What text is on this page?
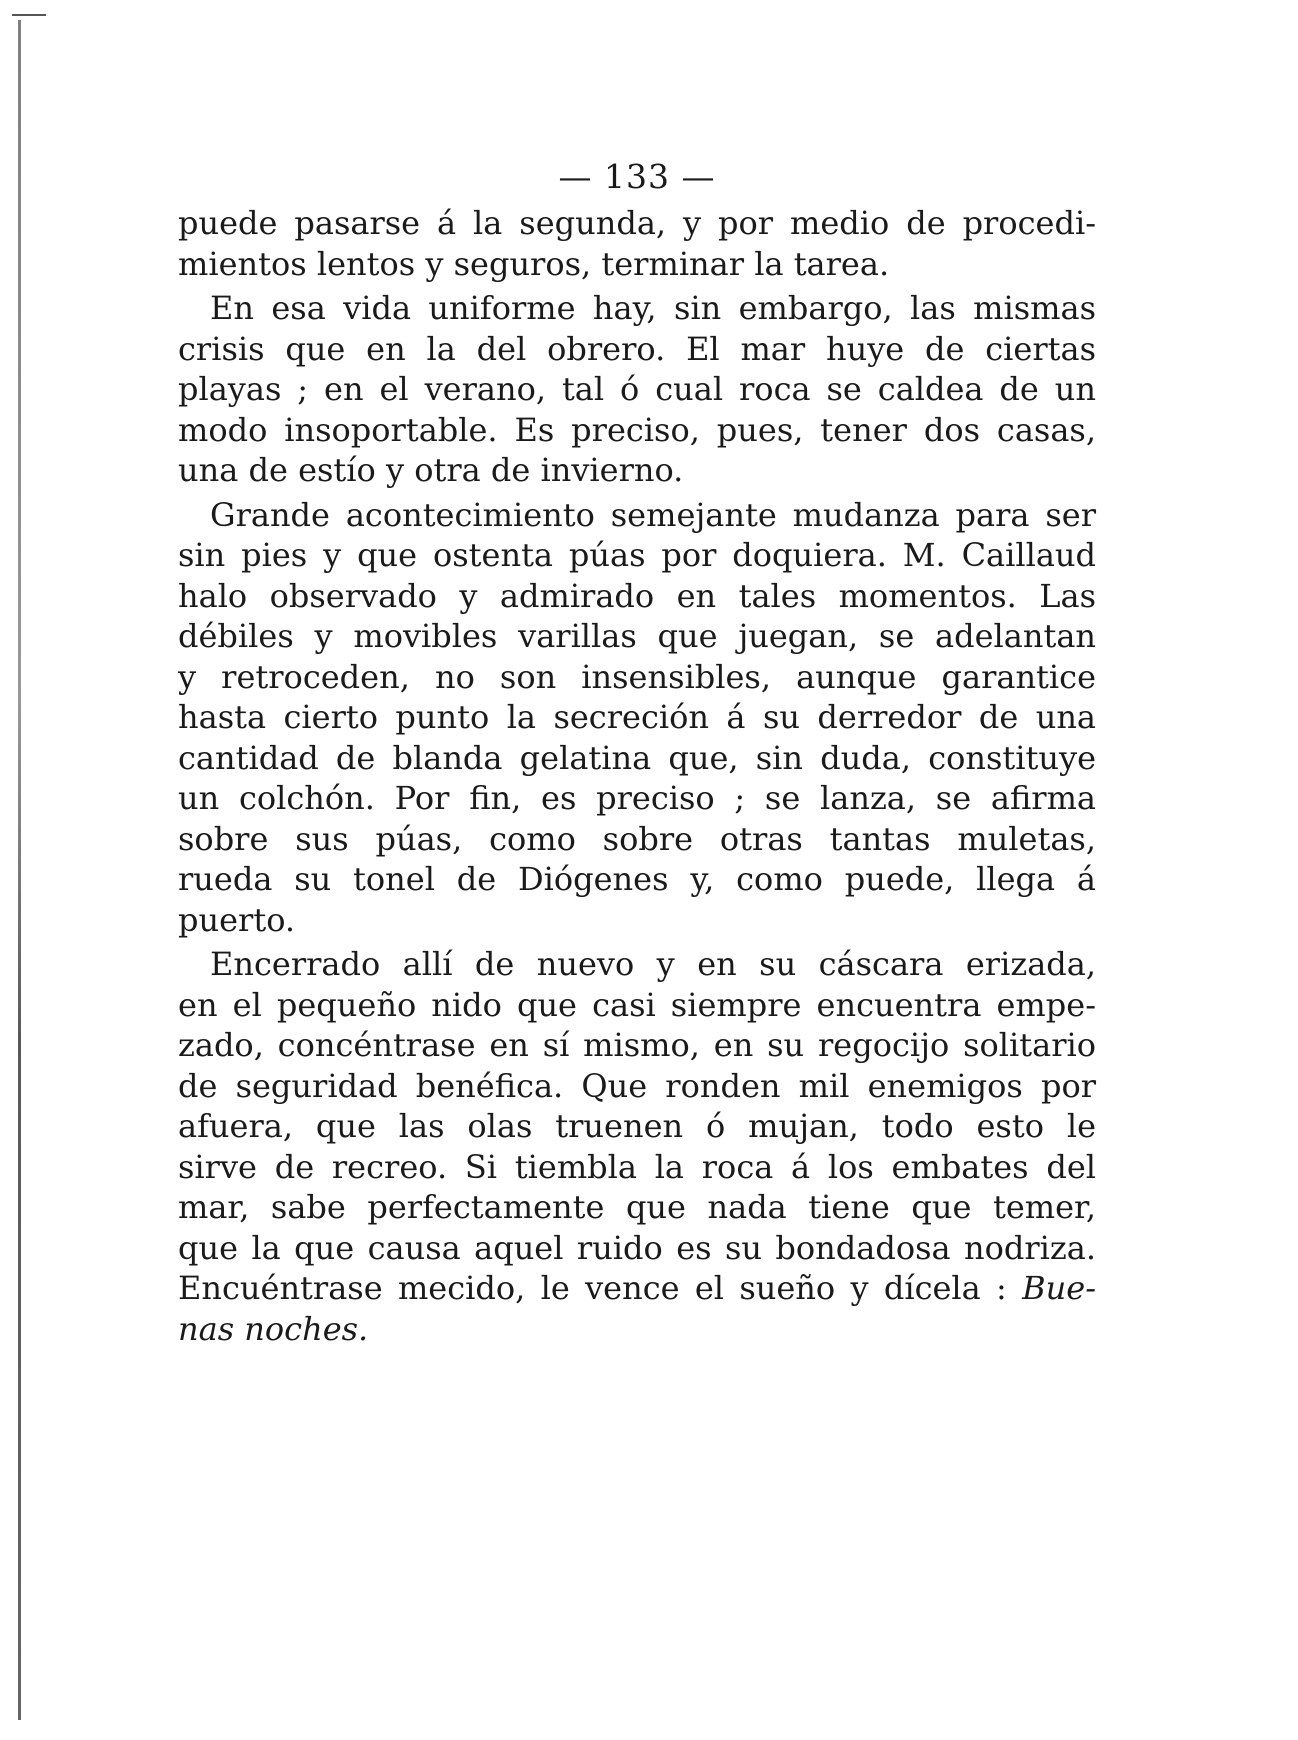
— 133 —

puede pasarse á la segunda, y por medio de procedi-
mientos lentos y seguros, terminar la tarea.

En esa vida uniforme hay, sin embargo, las mismas
crisis que en la del obrero. El mar huye de ciertas
playas ; en el verano, tal ó cual roca se caldea de un
modo insoportable. Es preciso, pues, tener dos casas,
una de estío y otra de invierno.

Grande acontecimiento semejante mudanza para ser
sin pies y que ostenta púas por doquiera. M. Caillaud
halo observado y admirado en tales momentos. Las
débiles y movibles varillas que juegan, se adelantan
y retroceden, no son insensibles, aunque garantice
hasta cierto punto la secreción á su derredor de una
cantidad de blanda gelatina que, sin duda, constituye
un colchón. Por fin, es preciso ; se lanza, se afirma
sobre sus púas, como sobre otras tantas muletas,
rueda su tonel de Diógenes y, como puede, llega á
puerto.

Encerrado allí de nuevo y en su cáscara erizada,
en el pequeño nido que casi siempre encuentra empe-
zado, concéntrase en sí mismo, en su regocijo solitario
de seguridad benéfica. Que ronden mil enemigos por
afuera, que las olas truenen ó mujan, todo esto le
sirve de recreo. Si tiembla la roca á los embates del
mar, sabe perfectamente que nada tiene que temer,
que la que causa aquel ruido es su bondadosa nodriza.
Encuéntrase mecido, le vence el sueño y dícela : Bue-
nas noches.
